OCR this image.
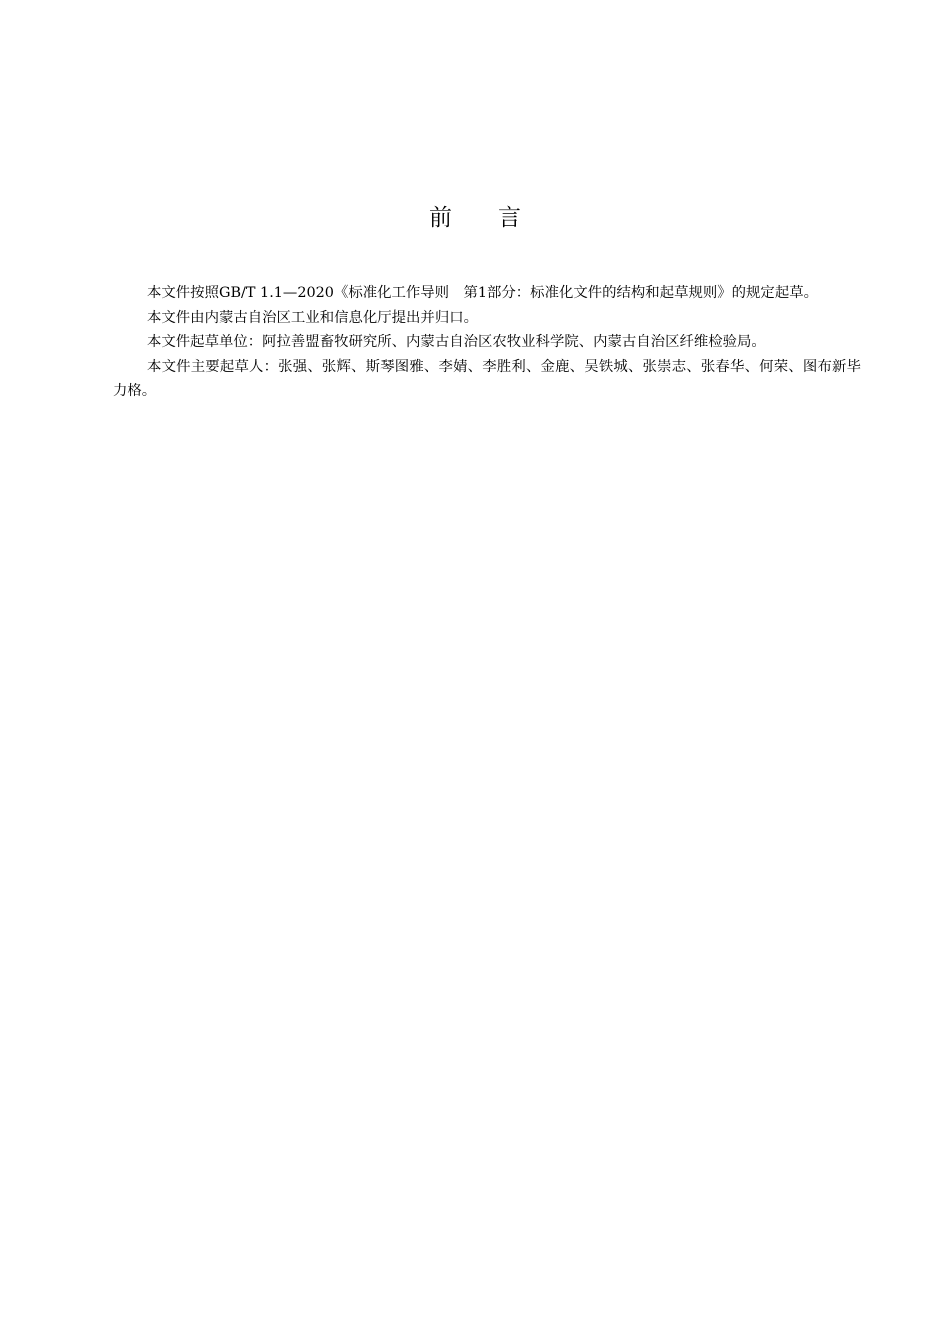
前 言

本文件按照GB/T 1.1—2020《标准化工作导则　第1部分：标准化文件的结构和起草规则》的规定起草。

本文件由内蒙古自治区工业和信息化厅提出并归口。

本文件起草单位：阿拉善盟畜牧研究所、内蒙古自治区农牧业科学院、内蒙古自治区纤维检验局。

本文件主要起草人：张强、张辉、斯琴图雅、李婧、李胜利、金鹿、吴铁城、张崇志、张春华、何荣、图布新毕力格。
